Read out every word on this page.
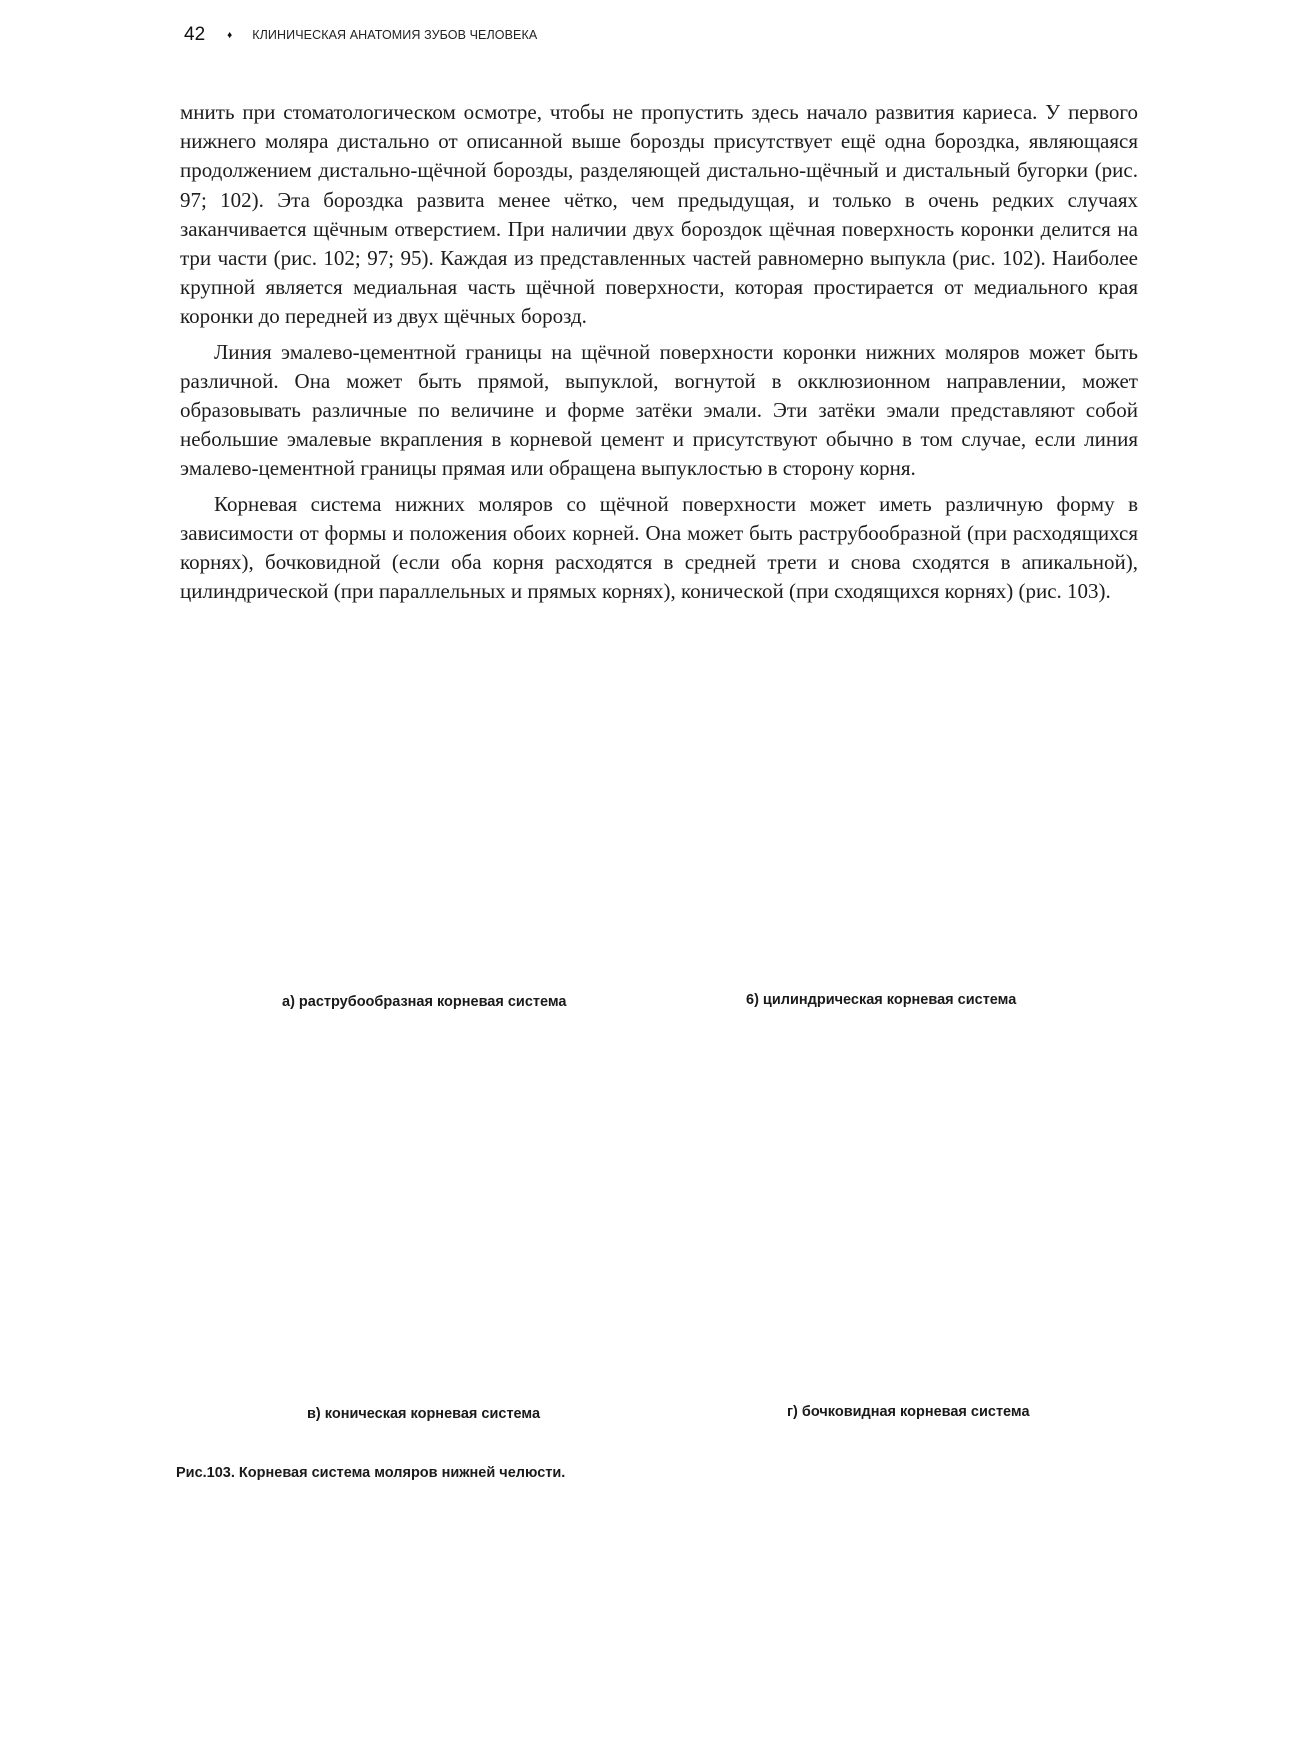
42 ♦ КЛИНИЧЕСКАЯ АНАТОМИЯ ЗУБОВ ЧЕЛОВЕКА

мнить при стоматологическом осмотре, чтобы не пропустить здесь начало развития кариеса. У первого нижнего моляра дистально от описанной выше борозды присутствует ещё одна бороздка, являющаяся продолжением дистально-щёчной борозды, разделяющей дистально-щёчный и дистальный бугорки (рис. 97; 102). Эта бороздка развита менее чётко, чем предыдущая, и только в очень редких случаях заканчивается щёчным отверстием. При наличии двух бороздок щёчная поверхность коронки делится на три части (рис. 102; 97; 95). Каждая из представленных частей равномерно выпукла (рис. 102). Наиболее крупной является медиальная часть щёчной поверхности, которая простирается от медиального края коронки до передней из двух щёчных борозд.

Линия эмалево-цементной границы на щёчной поверхности коронки нижних моляров может быть различной. Она может быть прямой, выпуклой, вогнутой в окклюзионном направлении, может образовывать различные по величине и форме затёки эмали. Эти затёки эмали представляют собой небольшие эмалевые вкрапления в корневой цемент и присутствуют обычно в том случае, если линия эмалево-цементной границы прямая или обращена выпуклостью в сторону корня.

Корневая система нижних моляров со щёчной поверхности может иметь различную форму в зависимости от формы и положения обоих корней. Она может быть раструбообразной (при расходящихся корнях), бочковидной (если оба корня расходятся в средней трети и снова сходятся в апикальной), цилиндрической (при параллельных и прямых корнях), конической (при сходящихся корнях) (рис. 103).

а) раструбообразная корневая система	6) цилиндрическая корневая система
в) коническая корневая система	г) бочковидная корневая система
Рис.103. Корневая система моляров нижней челюсти.
